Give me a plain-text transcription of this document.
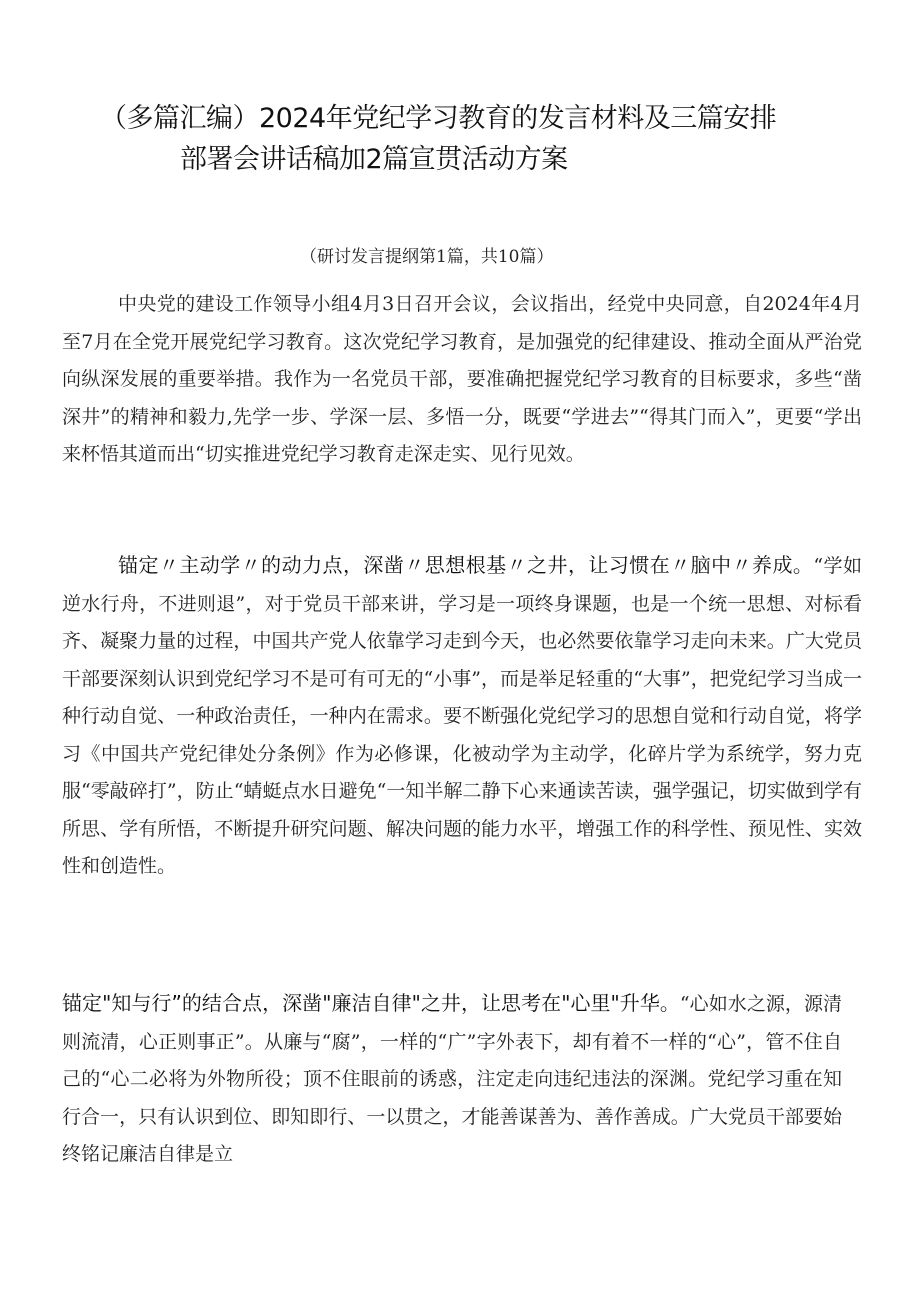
（多篇汇编）2024年党纪学习教育的发言材料及三篇安排
部署会讲话稿加2篇宣贯活动方案
（研讨发言提纲第1篇，共10篇）

中央党的建设工作领导小组4月3日召开会议，会议指出，经党中央同意，自2024年4月至7月在全党开展党纪学习教育。这次党纪学习教育，是加强党的纪律建设、推动全面从严治党向纵深发展的重要举措。我作为一名党员干部，要准确把握党纪学习教育的目标要求，多些“凿深井”的精神和毅力,先学一步、学深一层、多悟一分，既要“学进去”“得其门而入”，更要“学出来杯悟其道而出“切实推进党纪学习教育走深走实、见行见效。

锚定〃主动学〃的动力点，深凿〃思想根基〃之井，让习惯在〃脑中〃养成。“学如逆水行舟，不进则退”，对于党员干部来讲，学习是一项终身课题，也是一个统一思想、对标看齐、凝聚力量的过程，中国共产党人依靠学习走到今天，也必然要依靠学习走向未来。广大党员干部要深刻认识到党纪学习不是可有可无的“小事”，而是举足轻重的“大事”，把党纪学习当成一种行动自觉、一种政治责任，一种内在需求。要不断强化党纪学习的思想自觉和行动自觉，将学习《中国共产党纪律处分条例》作为必修课，化被动学为主动学，化碎片学为系统学，努力克服“零敲碎打”，防止“蜻蜓点水日避免“一知半解二静下心来通读苦读，强学强记，切实做到学有所思、学有所悟，不断提升研究问题、解决问题的能力水平，增强工作的科学性、预见性、实效性和创造性。

锚定"知与行”的结合点，深凿"廉洁自律"之井，让思考在"心里"升华。“心如水之源，源清则流清，心正则事正”。从廉与“腐”，一样的“广”字外表下，却有着不一样的“心”，管不住自己的“心二必将为外物所役；顶不住眼前的诱惑，注定走向违纪违法的深渊。党纪学习重在知行合一，只有认识到位、即知即行、一以贯之，才能善谋善为、善作善成。广大党员干部要始终铭记廉洁自律是立
